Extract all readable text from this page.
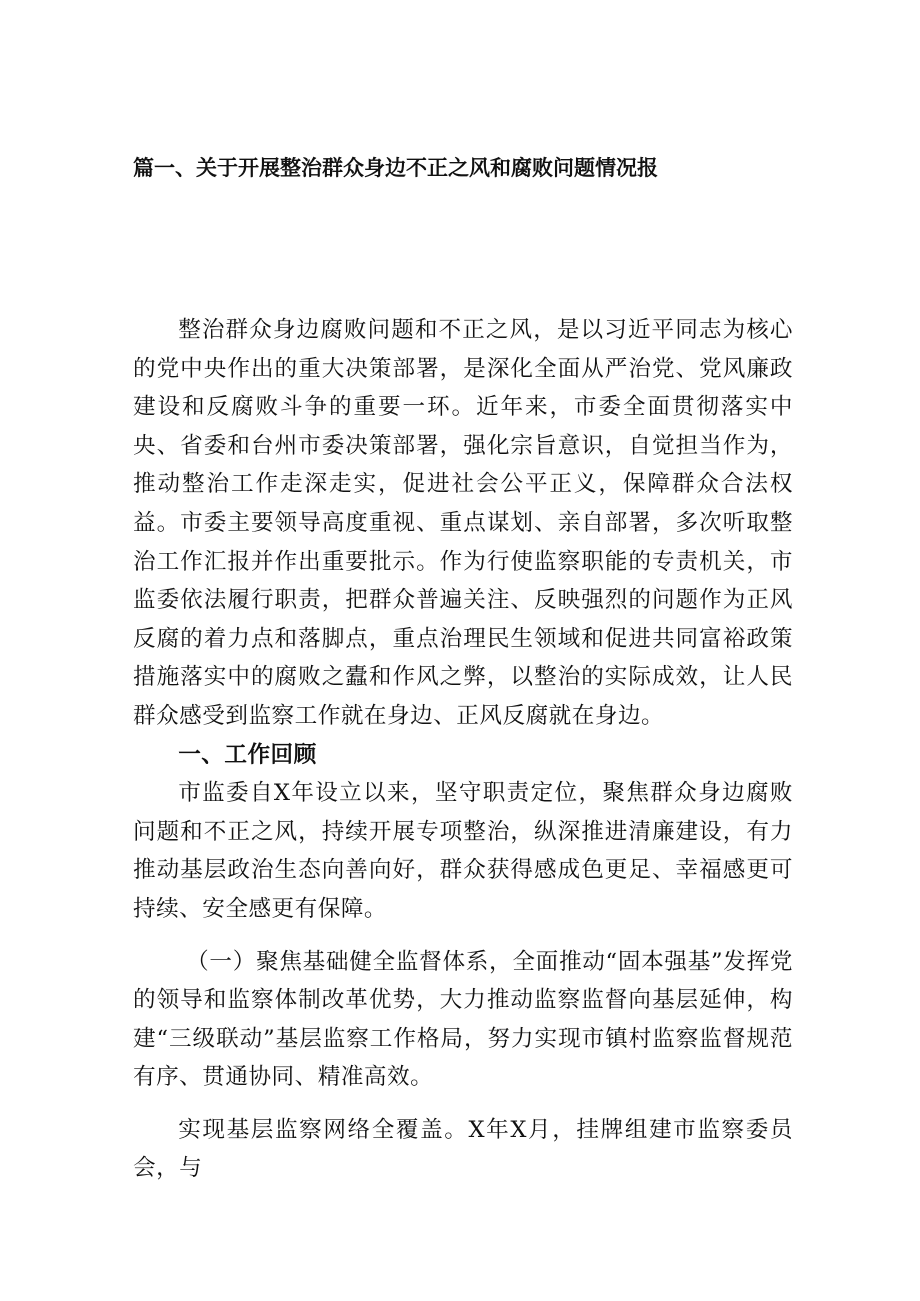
篇一、关于开展整治群众身边不正之风和腐败问题情况报

整治群众身边腐败问题和不正之风，是以习近平同志为核心的党中央作出的重大决策部署，是深化全面从严治党、党风廉政建设和反腐败斗争的重要一环。近年来，市委全面贯彻落实中央、省委和台州市委决策部署，强化宗旨意识，自觉担当作为，推动整治工作走深走实，促进社会公平正义，保障群众合法权益。市委主要领导高度重视、重点谋划、亲自部署，多次听取整治工作汇报并作出重要批示。作为行使监察职能的专责机关，市监委依法履行职责，把群众普遍关注、反映强烈的问题作为正风反腐的着力点和落脚点，重点治理民生领域和促进共同富裕政策措施落实中的腐败之蠹和作风之弊，以整治的实际成效，让人民群众感受到监察工作就在身边、正风反腐就在身边。

一、工作回顾

市监委自X年设立以来，坚守职责定位，聚焦群众身边腐败问题和不正之风，持续开展专项整治，纵深推进清廉建设，有力推动基层政治生态向善向好，群众获得感成色更足、幸福感更可持续、安全感更有保障。

（一）聚焦基础健全监督体系，全面推动“固本强基”发挥党的领导和监察体制改革优势，大力推动监察监督向基层延伸，构建“三级联动”基层监察工作格局，努力实现市镇村监察监督规范有序、贯通协同、精准高效。

实现基层监察网络全覆盖。X年X月，挂牌组建市监察委员会，与
